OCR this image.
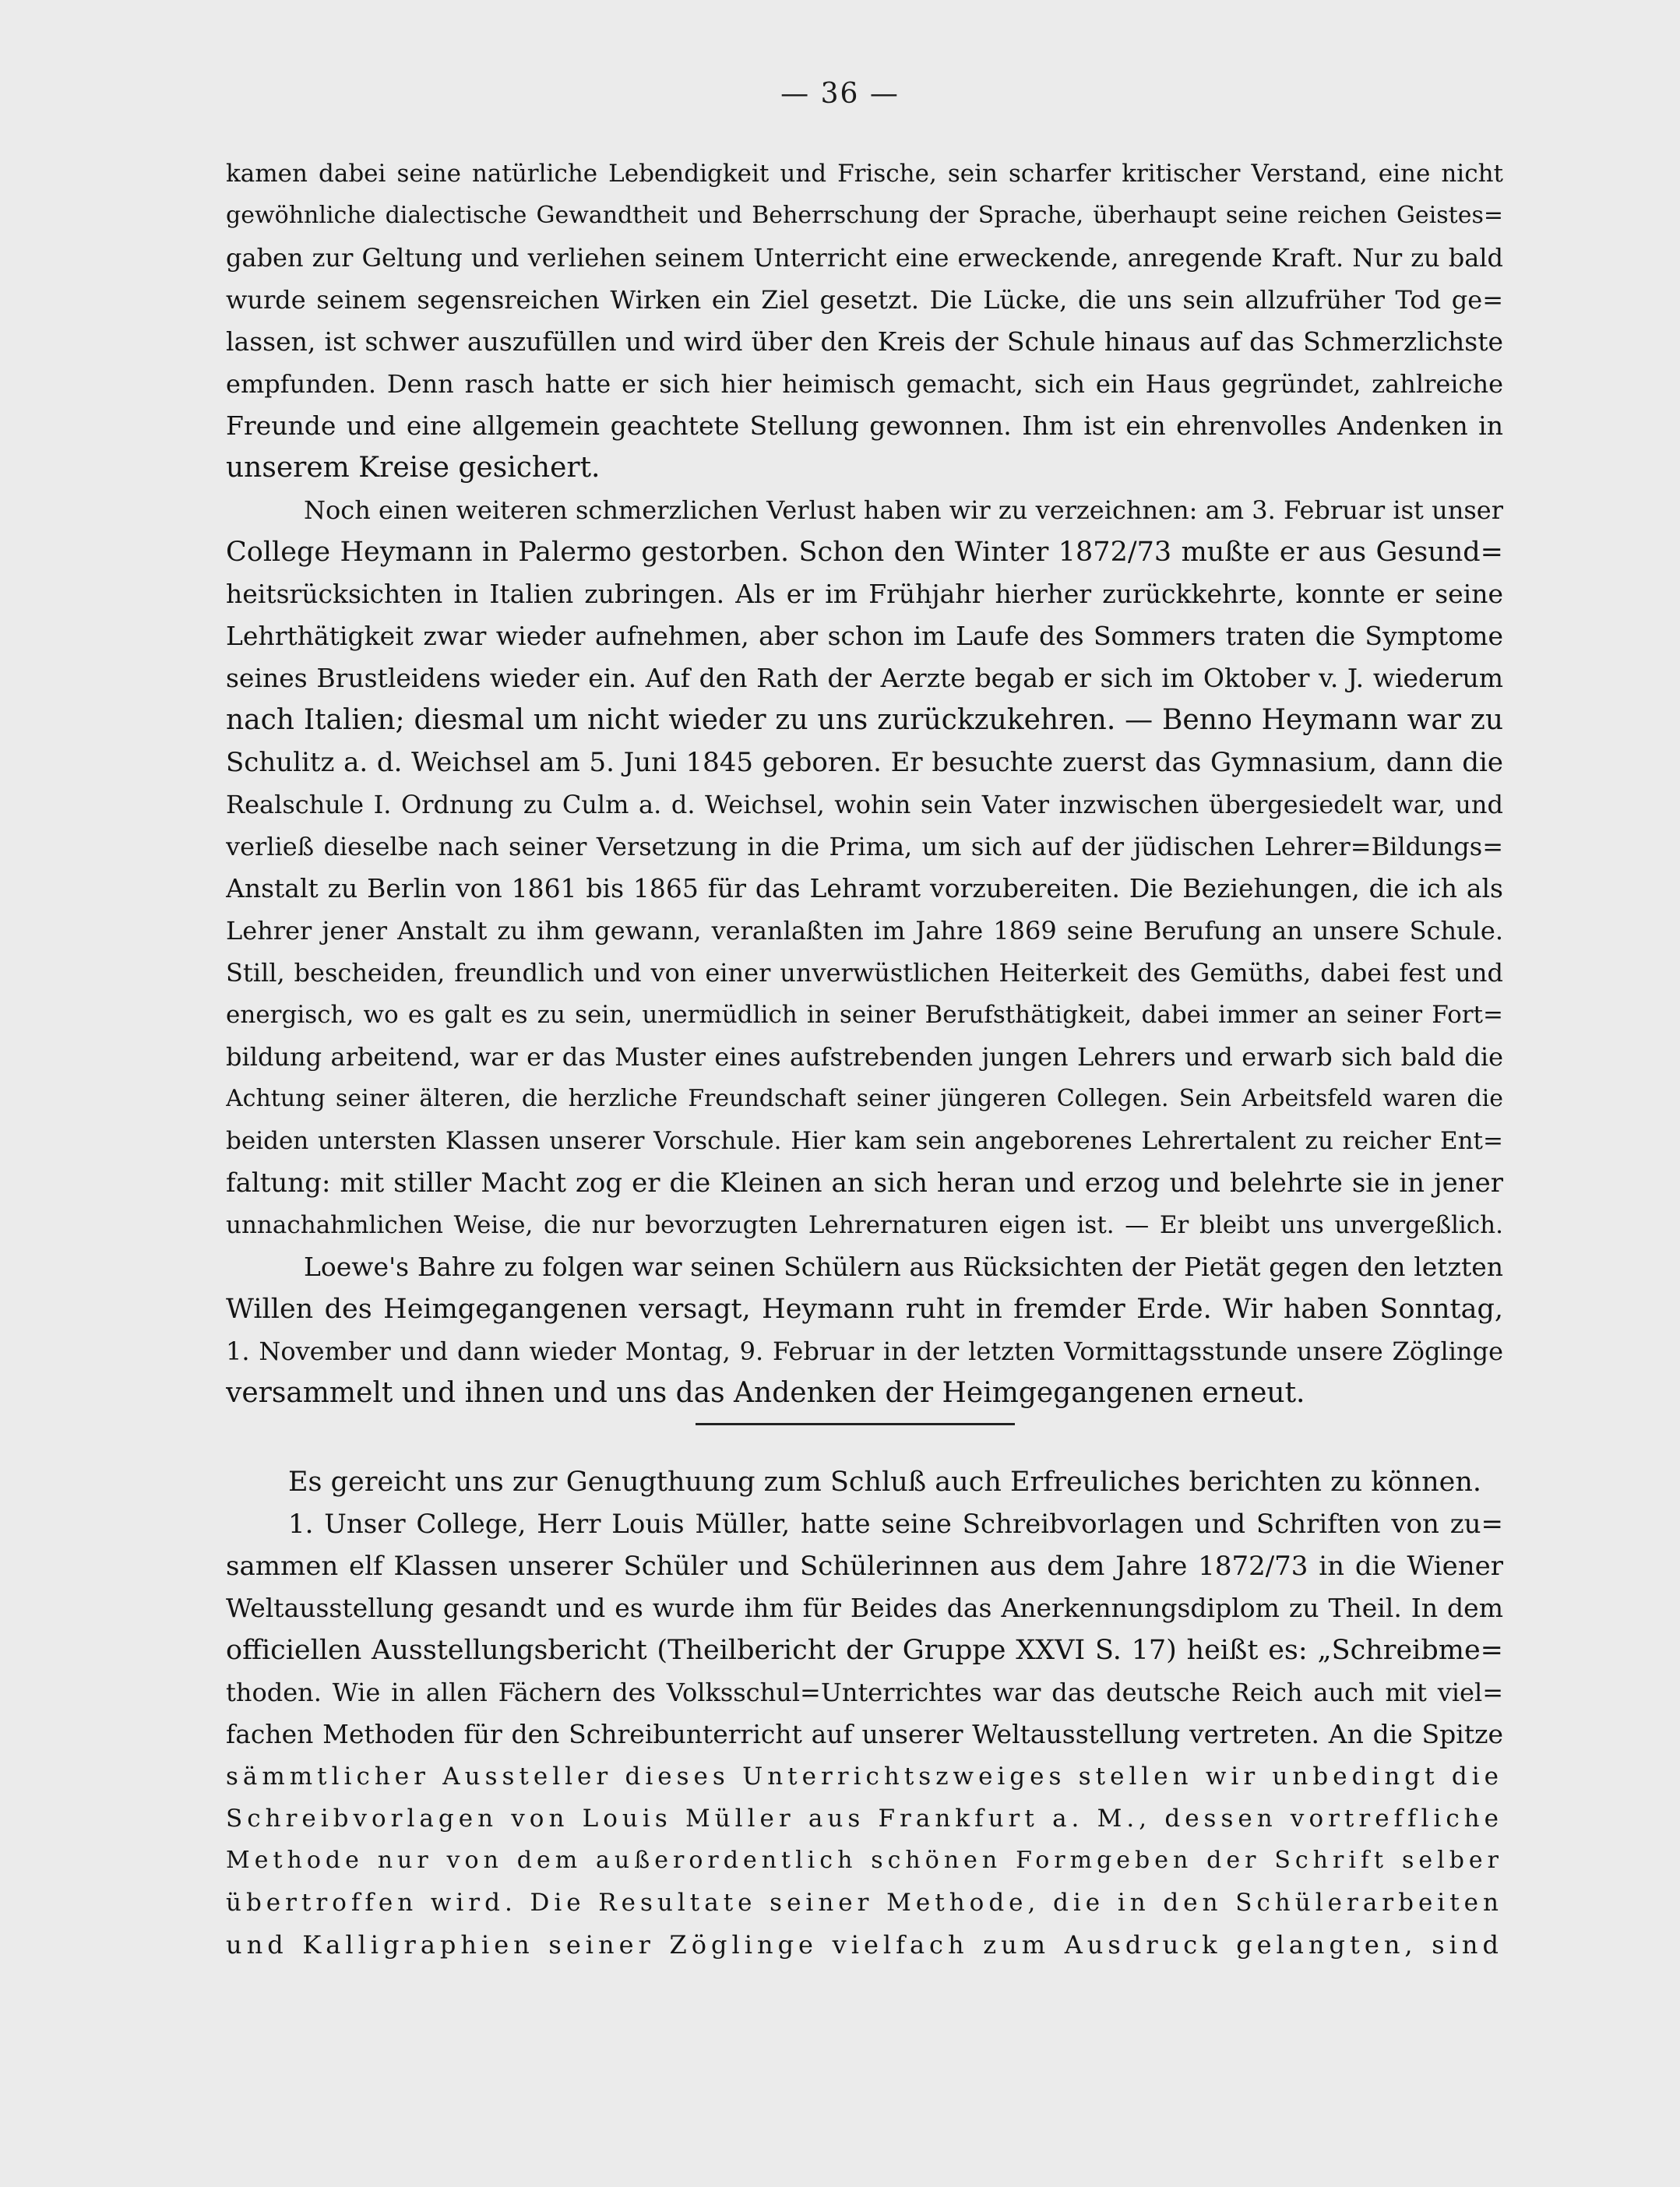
— 36 —
kamen dabei seine natürliche Lebendigkeit und Frische, sein scharfer kritischer Verstand, eine nicht
gewöhnliche dialectische Gewandtheit und Beherrschung der Sprache, überhaupt seine reichen Geistes=
gaben zur Geltung und verliehen seinem Unterricht eine erweckende, anregende Kraft. Nur zu bald
wurde seinem segensreichen Wirken ein Ziel gesetzt. Die Lücke, die uns sein allzufrüher Tod ge=
lassen, ist schwer auszufüllen und wird über den Kreis der Schule hinaus auf das Schmerzlichste
empfunden. Denn rasch hatte er sich hier heimisch gemacht, sich ein Haus gegründet, zahlreiche
Freunde und eine allgemein geachtete Stellung gewonnen. Ihm ist ein ehrenvolles Andenken in
unserem Kreise gesichert.
Noch einen weiteren schmerzlichen Verlust haben wir zu verzeichnen: am 3. Februar ist unser
College Heymann in Palermo gestorben. Schon den Winter 1872/73 mußte er aus Gesund=
heitsrücksichten in Italien zubringen. Als er im Frühjahr hierher zurückkehrte, konnte er seine
Lehrthätigkeit zwar wieder aufnehmen, aber schon im Laufe des Sommers traten die Symptome
seines Brustleidens wieder ein. Auf den Rath der Aerzte begab er sich im Oktober v. J. wiederum
nach Italien; diesmal um nicht wieder zu uns zurückzukehren. — Benno Heymann war zu
Schulitz a. d. Weichsel am 5. Juni 1845 geboren. Er besuchte zuerst das Gymnasium, dann die
Realschule I. Ordnung zu Culm a. d. Weichsel, wohin sein Vater inzwischen übergesiedelt war, und
verließ dieselbe nach seiner Versetzung in die Prima, um sich auf der jüdischen Lehrer=Bildungs=
Anstalt zu Berlin von 1861 bis 1865 für das Lehramt vorzubereiten. Die Beziehungen, die ich als
Lehrer jener Anstalt zu ihm gewann, veranlaßten im Jahre 1869 seine Berufung an unsere Schule.
Still, bescheiden, freundlich und von einer unverwüstlichen Heiterkeit des Gemüths, dabei fest und
energisch, wo es galt es zu sein, unermüdlich in seiner Berufsthätigkeit, dabei immer an seiner Fort=
bildung arbeitend, war er das Muster eines aufstrebenden jungen Lehrers und erwarb sich bald die
Achtung seiner älteren, die herzliche Freundschaft seiner jüngeren Collegen. Sein Arbeitsfeld waren die
beiden untersten Klassen unserer Vorschule. Hier kam sein angeborenes Lehrertalent zu reicher Ent=
faltung: mit stiller Macht zog er die Kleinen an sich heran und erzog und belehrte sie in jener
unnachahmlichen Weise, die nur bevorzugten Lehrernaturen eigen ist. — Er bleibt uns unvergeßlich.
Loewe's Bahre zu folgen war seinen Schülern aus Rücksichten der Pietät gegen den letzten
Willen des Heimgegangenen versagt, Heymann ruht in fremder Erde. Wir haben Sonntag,
1. November und dann wieder Montag, 9. Februar in der letzten Vormittagsstunde unsere Zöglinge
versammelt und ihnen und uns das Andenken der Heimgegangenen erneut.
Es gereicht uns zur Genugthuung zum Schluß auch Erfreuliches berichten zu können.
1. Unser College, Herr Louis Müller, hatte seine Schreibvorlagen und Schriften von zu=
sammen elf Klassen unserer Schüler und Schülerinnen aus dem Jahre 1872/73 in die Wiener
Weltausstellung gesandt und es wurde ihm für Beides das Anerkennungsdiplom zu Theil. In dem
officiellen Ausstellungsbericht (Theilbericht der Gruppe XXVI S. 17) heißt es: „Schreibme=
thoden. Wie in allen Fächern des Volksschul=Unterrichtes war das deutsche Reich auch mit viel=
fachen Methoden für den Schreibunterricht auf unserer Weltausstellung vertreten. An die Spitze
sämmtlicher Aussteller dieses Unterrichtszweiges stellen wir unbedingt die
Schreibvorlagen von Louis Müller aus Frankfurt a. M., dessen vortreffliche
Methode nur von dem außerordentlich schönen Formgeben der Schrift selber
übertroffen wird. Die Resultate seiner Methode, die in den Schülerarbeiten
und Kalligraphien seiner Zöglinge vielfach zum Ausdruck gelangten, sind
